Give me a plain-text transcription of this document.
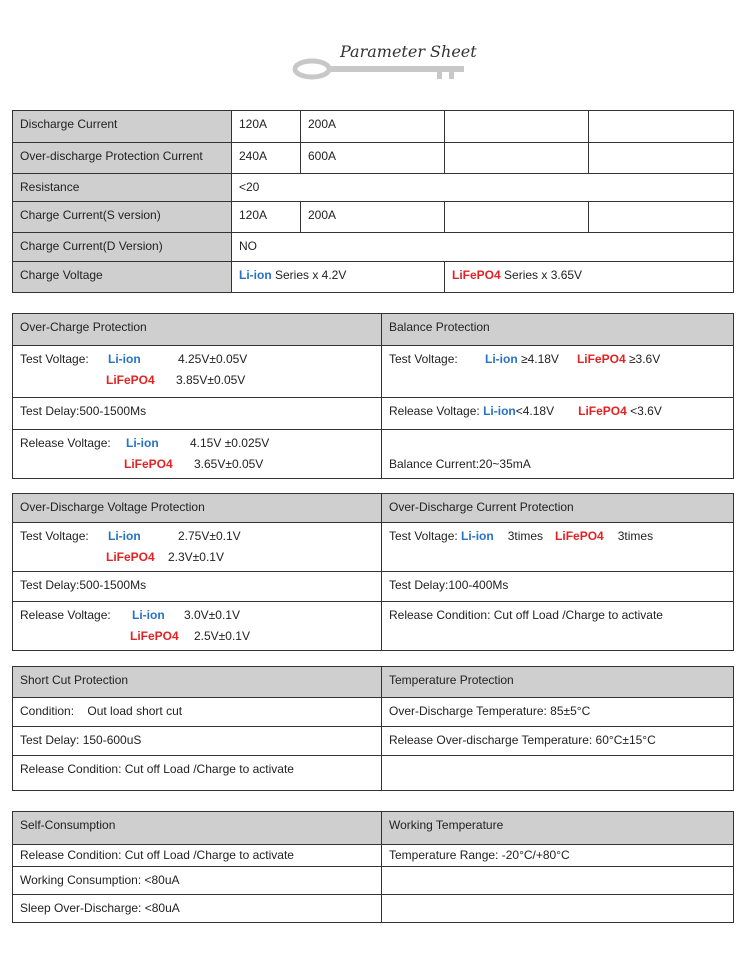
Parameter Sheet
Discharge Current	120A	200A		
Over-discharge Protection Current	240A	600A		
Resistance	<20			
Charge Current(S version)	120A	200A		
Charge Current(D Version)	NO			
Charge Voltage	Li-ion Series x 4.2V		LiFePO4 Series x 3.65V	
Over-Charge Protection	Balance Protection

Test Voltage: Li-ion 4.25V±0.05V
LiFePO4 3.85V±0.05V	Test Voltage: Li-ion ≥4.18V LiFePO4 ≥3.6V

Test Delay:500-1500Ms	Release Voltage: Li-ion<4.18V LiFePO4 <3.6V

Release Voltage: Li-ion 4.15V ±0.025V
LiFePO4 3.65V±0.05V	Balance Current:20~35mA
Over-Discharge Voltage Protection	Over-Discharge Current Protection

Test Voltage: Li-ion 2.75V±0.1V
LiFePO4 2.3V±0.1V	Test Voltage: Li-ion 3times LiFePO4 3times
Test Delay:500-1500Ms	Test Delay:100-400Ms

Release Voltage: Li-ion 3.0V±0.1V
LiFePO4 2.5V±0.1V	Release Condition: Cut off Load /Charge to activate
Short Cut Protection	Temperature Protection
Condition:    Out load short cut	Over-Discharge Temperature: 85±5°C
Test Delay: 150-600uS	Release Over-discharge Temperature: 60°C±15°C
Release Condition: Cut off Load /Charge to activate	
Self-Consumption	Working Temperature
Release Condition: Cut off Load /Charge to activate	Temperature Range: -20°C/+80°C
Working Consumption: <80uA	
Sleep Over-Discharge: <80uA	
